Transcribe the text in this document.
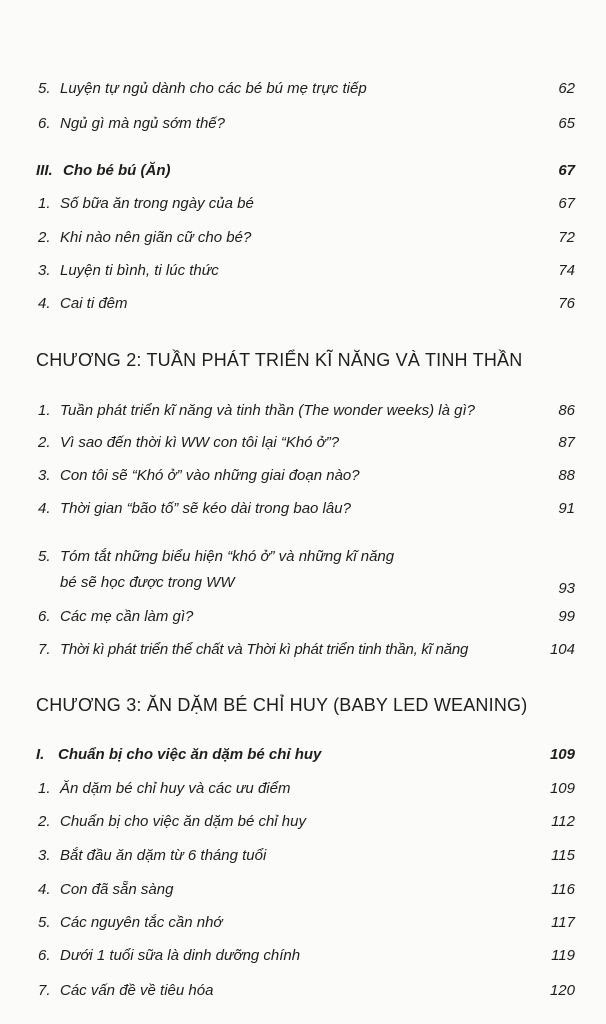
5. Luyện tự ngủ dành cho các bé bú mẹ trực tiếp	62
6. Ngủ gì mà ngủ sớm thế?	65
III. Cho bé bú (Ăn)	67
1. Số bữa ăn trong ngày của bé	67
2. Khi nào nên giãn cữ cho bé?	72
3. Luyện ti bình, ti lúc thức	74
4. Cai ti đêm	76
CHƯƠNG 2: TUẦN PHÁT TRIỂN KĨ NĂNG VÀ TINH THẦN
1. Tuần phát triển kĩ năng và tinh thần (The wonder weeks) là gì?	86
2. Vì sao đến thời kì WW con tôi lại “Khó ở”?	87
3. Con tôi sẽ “Khó ở” vào những giai đoạn nào?	88
4. Thời gian “bão tố” sẽ kéo dài trong bao lâu?	91
5. Tóm tắt những biểu hiện “khó ở” và những kĩ năng
bé sẽ học được trong WW	93
6. Các mẹ cần làm gì?	99
7. Thời kì phát triển thể chất và Thời kì phát triển tinh thần, kĩ năng	104
CHƯƠNG 3: ĂN DẶM BÉ CHỈ HUY (BABY LED WEANING)
I. Chuẩn bị cho việc ăn dặm bé chỉ huy	109
1. Ăn dặm bé chỉ huy và các ưu điểm	109
2. Chuẩn bị cho việc ăn dặm bé chỉ huy	112
3. Bắt đầu ăn dặm từ 6 tháng tuổi	115
4. Con đã sẵn sàng	116
5. Các nguyên tắc cần nhớ	117
6. Dưới 1 tuổi sữa là dinh dưỡng chính	119
7. Các vấn đề về tiêu hóa	120
